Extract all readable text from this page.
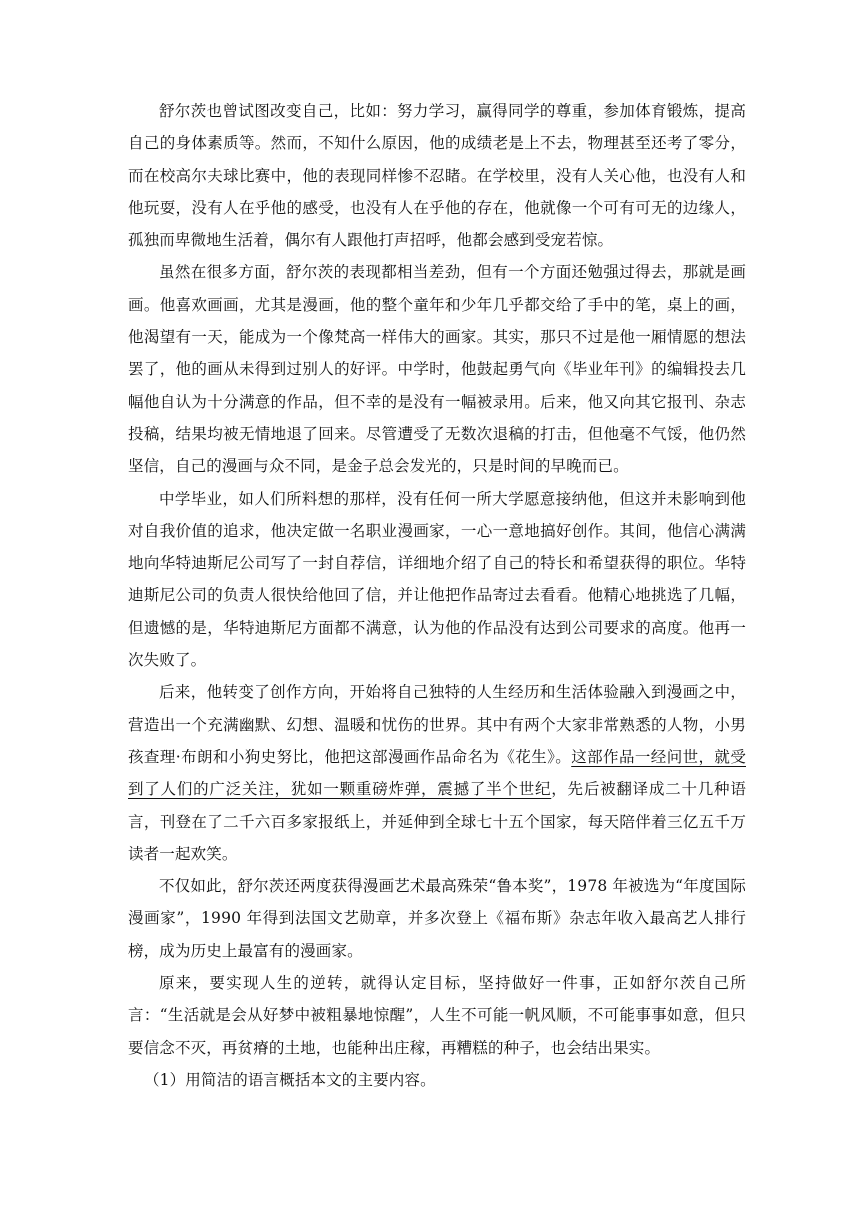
舒尔茨也曾试图改变自己，比如：努力学习，赢得同学的尊重，参加体育锻炼，提高自己的身体素质等。然而，不知什么原因，他的成绩老是上不去，物理甚至还考了零分，而在校高尔夫球比赛中，他的表现同样惨不忍睹。在学校里，没有人关心他，也没有人和他玩耍，没有人在乎他的感受，也没有人在乎他的存在，他就像一个可有可无的边缘人，孤独而卑微地生活着，偶尔有人跟他打声招呼，他都会感到受宠若惊。

虽然在很多方面，舒尔茨的表现都相当差劲，但有一个方面还勉强过得去，那就是画画。他喜欢画画，尤其是漫画，他的整个童年和少年几乎都交给了手中的笔，桌上的画，他渴望有一天，能成为一个像梵高一样伟大的画家。其实，那只不过是他一厢情愿的想法罢了，他的画从未得到过别人的好评。中学时，他鼓起勇气向《毕业年刊》的编辑投去几幅他自认为十分满意的作品，但不幸的是没有一幅被录用。后来，他又向其它报刊、杂志投稿，结果均被无情地退了回来。尽管遭受了无数次退稿的打击，但他毫不气馁，他仍然坚信，自己的漫画与众不同，是金子总会发光的，只是时间的早晚而已。

中学毕业，如人们所料想的那样，没有任何一所大学愿意接纳他，但这并未影响到他对自我价值的追求，他决定做一名职业漫画家，一心一意地搞好创作。其间，他信心满满地向华特迪斯尼公司写了一封自荐信，详细地介绍了自己的特长和希望获得的职位。华特迪斯尼公司的负责人很快给他回了信，并让他把作品寄过去看看。他精心地挑选了几幅，但遗憾的是，华特迪斯尼方面都不满意，认为他的作品没有达到公司要求的高度。他再一次失败了。

后来，他转变了创作方向，开始将自己独特的人生经历和生活体验融入到漫画之中，营造出一个充满幽默、幻想、温暖和忧伤的世界。其中有两个大家非常熟悉的人物，小男孩查理·布朗和小狗史努比，他把这部漫画作品命名为《花生》。这部作品一经问世，就受到了人们的广泛关注，犹如一颗重磅炸弹，震撼了半个世纪，先后被翻译成二十几种语言，刊登在了二千六百多家报纸上，并延伸到全球七十五个国家，每天陪伴着三亿五千万读者一起欢笑。

不仅如此，舒尔茨还两度获得漫画艺术最高殊荣“鲁本奖”，1978 年被选为“年度国际漫画家”，1990 年得到法国文艺勋章，并多次登上《福布斯》杂志年收入最高艺人排行榜，成为历史上最富有的漫画家。

原来，要实现人生的逆转，就得认定目标，坚持做好一件事，正如舒尔茨自己所言：“生活就是会从好梦中被粗暴地惊醒”，人生不可能一帆风顺，不可能事事如意，但只要信念不灭，再贫瘠的土地，也能种出庄稼，再糟糕的种子，也会结出果实。

（1）用简洁的语言概括本文的主要内容。
